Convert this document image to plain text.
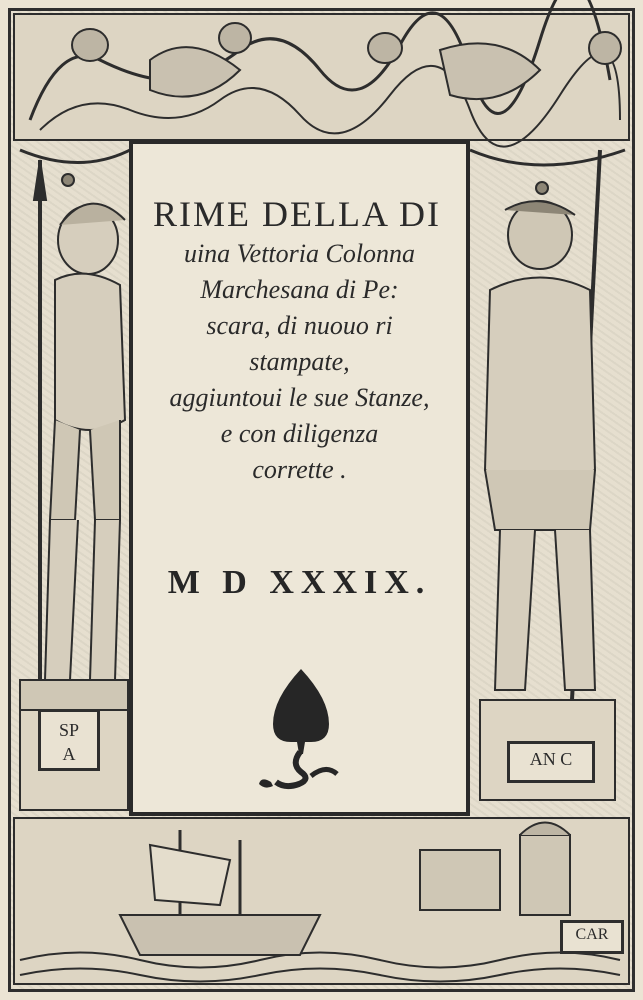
RIME DELLA DI
uina Vettoria Colonna
Marchesana di Pe:
scara, di nuouo ri
stampate,
aggiuntoui le sue Stanze,
e con diligenza
corrette .
M D XXXIX.
SP
A	AN C
CAR
